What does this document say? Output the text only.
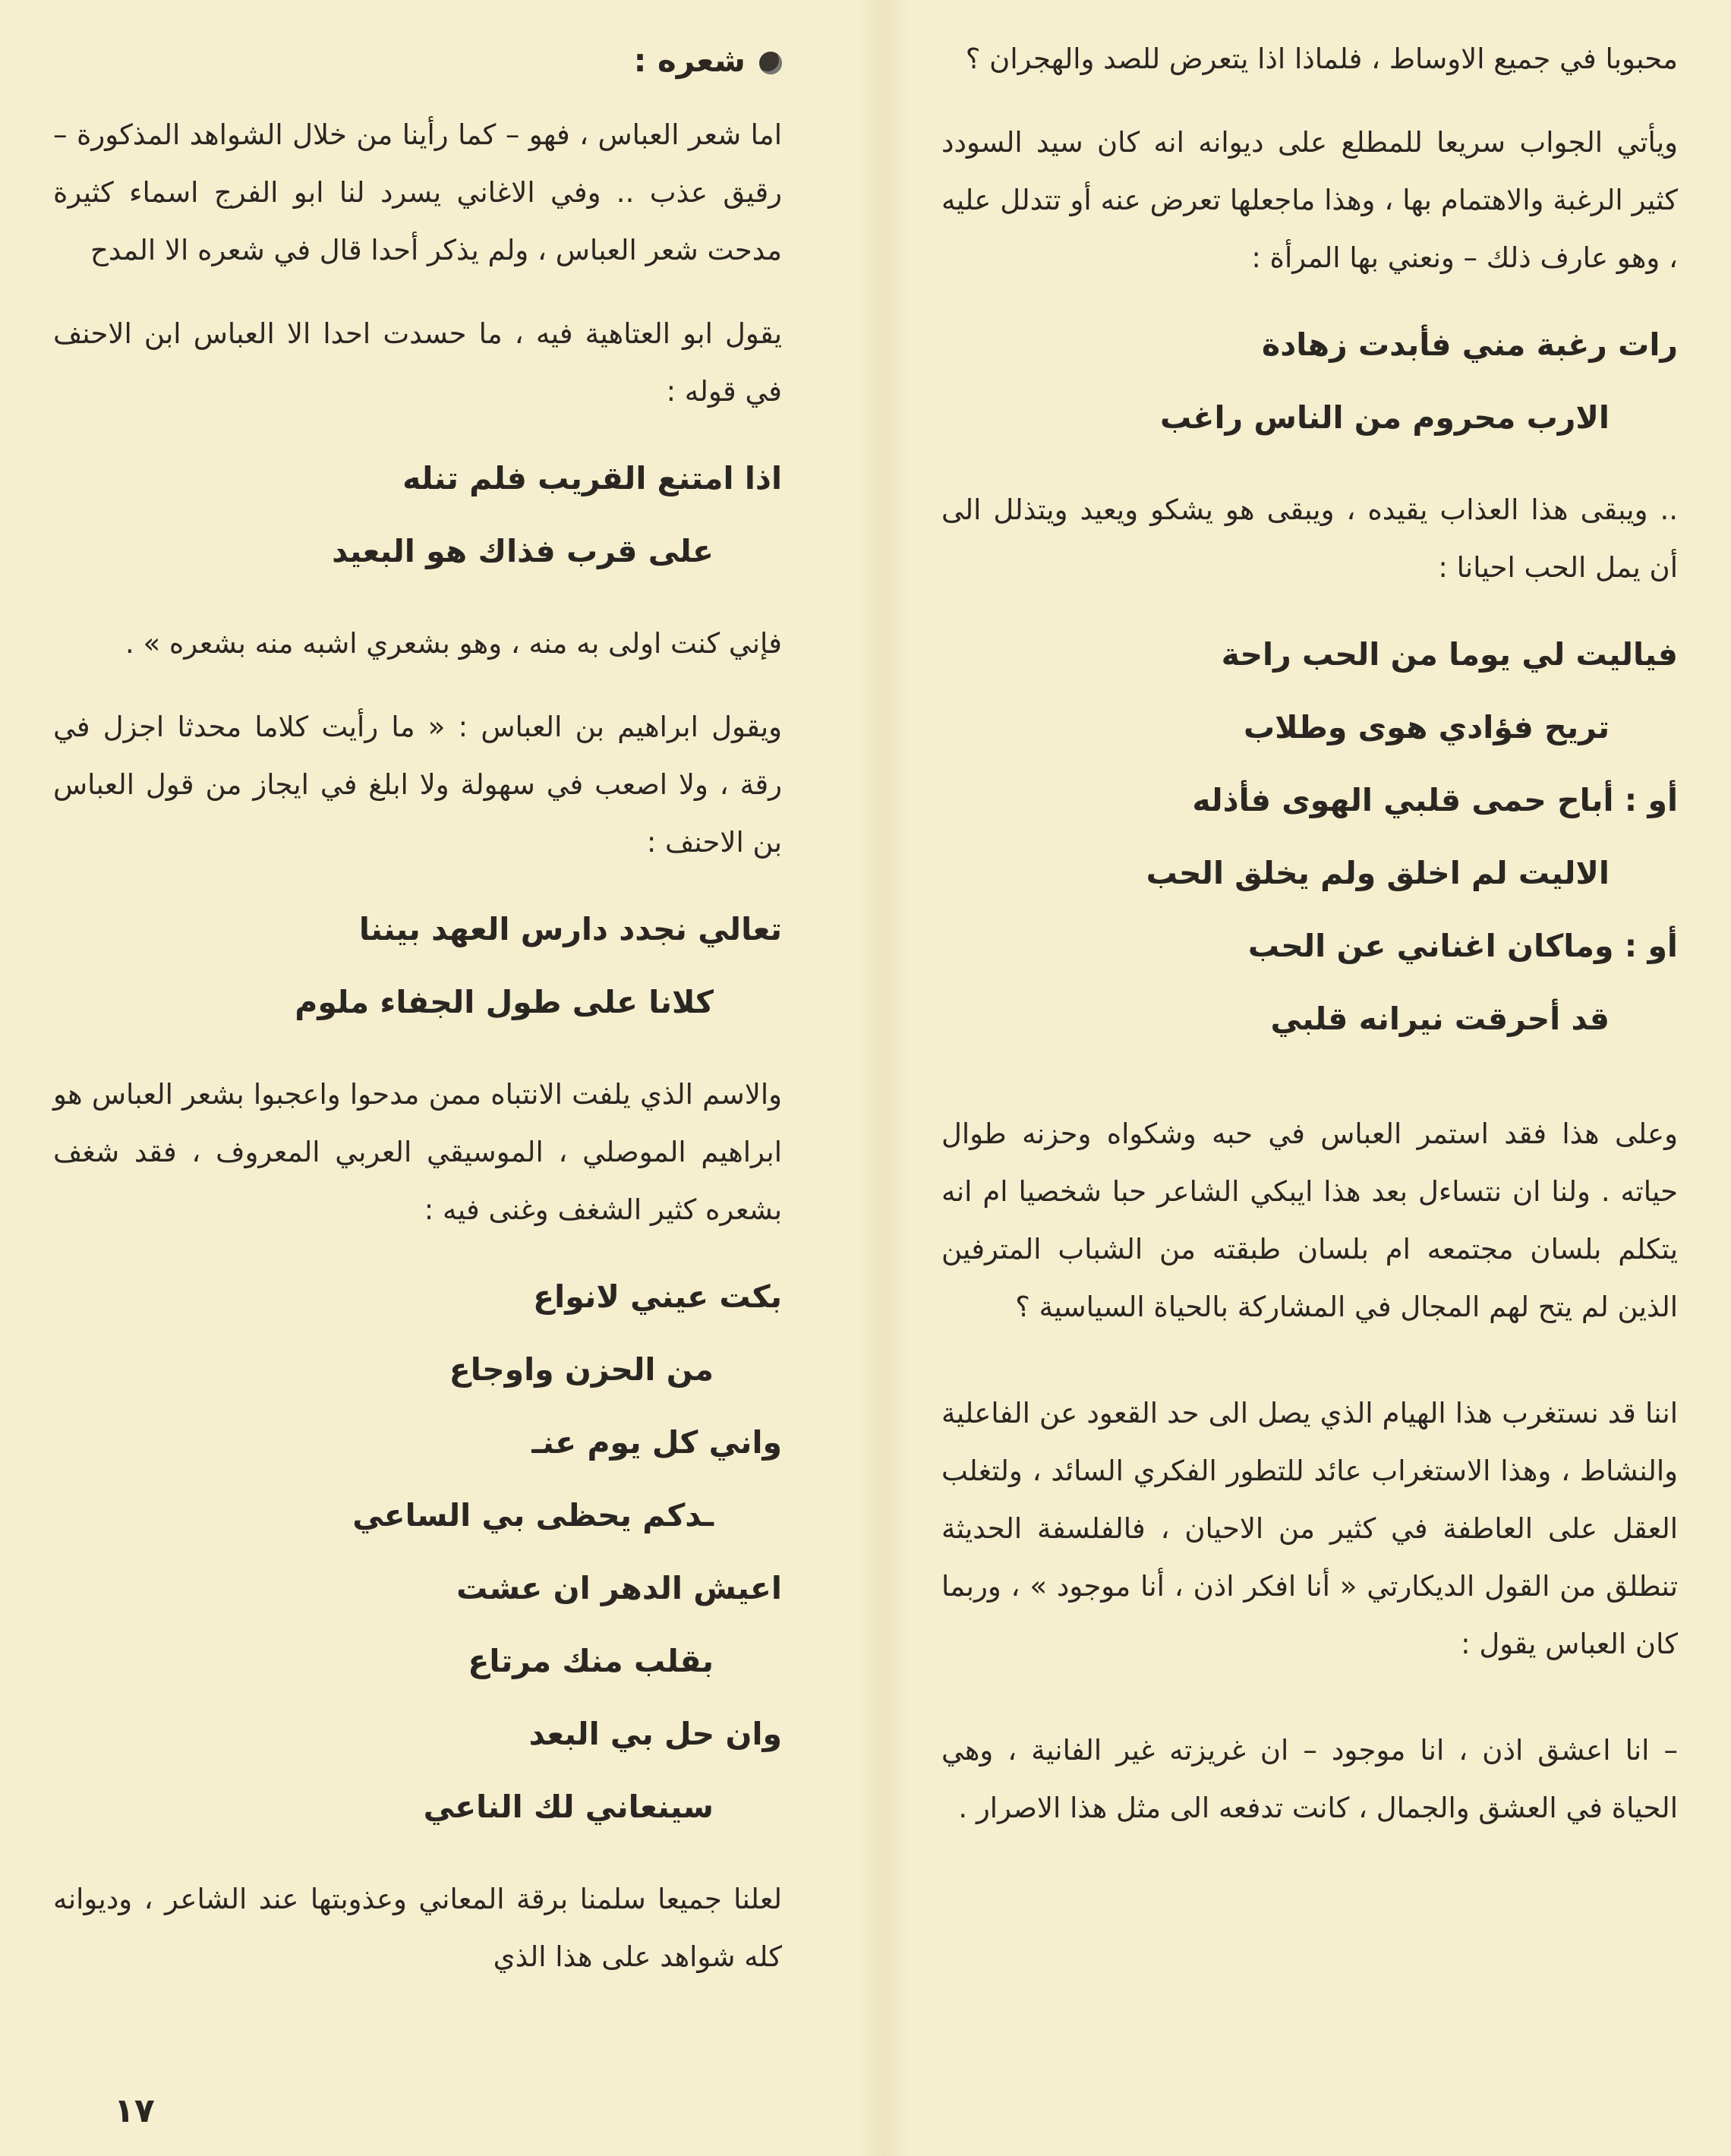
محبوبا في جميع الاوساط ، فلماذا اذا يتعرض للصد والهجران ؟

ويأتي الجواب سريعا للمطلع على ديوانه انه كان سيد السودد كثير الرغبة والاهتمام بها ، وهذا ماجعلها تعرض عنه أو تتدلل عليه ، وهو عارف ذلك – ونعني بها المرأة :

رات رغبة مني فأبدت زهادة
الارب محروم من الناس راغب

.. ويبقى هذا العذاب يقيده ، ويبقى هو يشكو ويعيد ويتذلل الى أن يمل الحب احيانا :

فياليت لي يوما من الحب راحة
تريح فؤادي هوى وطلاب
أو : أباح حمى قلبي الهوى فأذله
الاليت لم اخلق ولم يخلق الحب
أو : وماكان اغناني عن الحب
قد أحرقت نيرانه قلبي

وعلى هذا فقد استمر العباس في حبه وشكواه وحزنه طوال حياته . ولنا ان نتساءل بعد هذا ايبكي الشاعر حبا شخصيا ام انه يتكلم بلسان مجتمعه ام بلسان طبقته من الشباب المترفين الذين لم يتح لهم المجال في المشاركة بالحياة السياسية ؟

اننا قد نستغرب هذا الهيام الذي يصل الى حد القعود عن الفاعلية والنشاط ، وهذا الاستغراب عائد للتطور الفكري السائد ، ولتغلب العقل على العاطفة في كثير من الاحيان ، فالفلسفة الحديثة تنطلق من القول الديكارتي « أنا افكر اذن ، أنا موجود » ، وربما كان العباس يقول :

– انا اعشق اذن ، انا موجود – ان غريزته غير الفانية ، وهي الحياة في العشق والجمال ، كانت تدفعه الى مثل هذا الاصرار .

شعره :

اما شعر العباس ، فهو – كما رأينا من خلال الشواهد المذكورة – رقيق عذب .. وفي الاغاني يسرد لنا ابو الفرج اسماء كثيرة مدحت شعر العباس ، ولم يذكر أحدا قال في شعره الا المدح

يقول ابو العتاهية فيه ، ما حسدت احدا الا العباس ابن الاحنف في قوله :

اذا امتنع القريب فلم تنله
على قرب فذاك هو البعيد

فإني كنت اولى به منه ، وهو بشعري اشبه منه بشعره » .

ويقول ابراهيم بن العباس : « ما رأيت كلاما محدثا اجزل في رقة ، ولا اصعب في سهولة ولا ابلغ في ايجاز من قول العباس بن الاحنف :

تعالي نجدد دارس العهد بيننا
كلانا على طول الجفاء ملوم

والاسم الذي يلفت الانتباه ممن مدحوا واعجبوا بشعر العباس هو ابراهيم الموصلي ، الموسيقي العربي المعروف ، فقد شغف بشعره كثير الشغف وغنى فيه :

بكت عيني لانواع
من الحزن واوجاع
واني كل يوم عنـ
ـدكم يحظى بي الساعي
اعيش الدهر ان عشت
بقلب منك مرتاع
وان حل بي البعد
سينعاني لك الناعي

لعلنا جميعا سلمنا برقة المعاني وعذوبتها عند الشاعر ، وديوانه كله شواهد على هذا الذي

١٧
